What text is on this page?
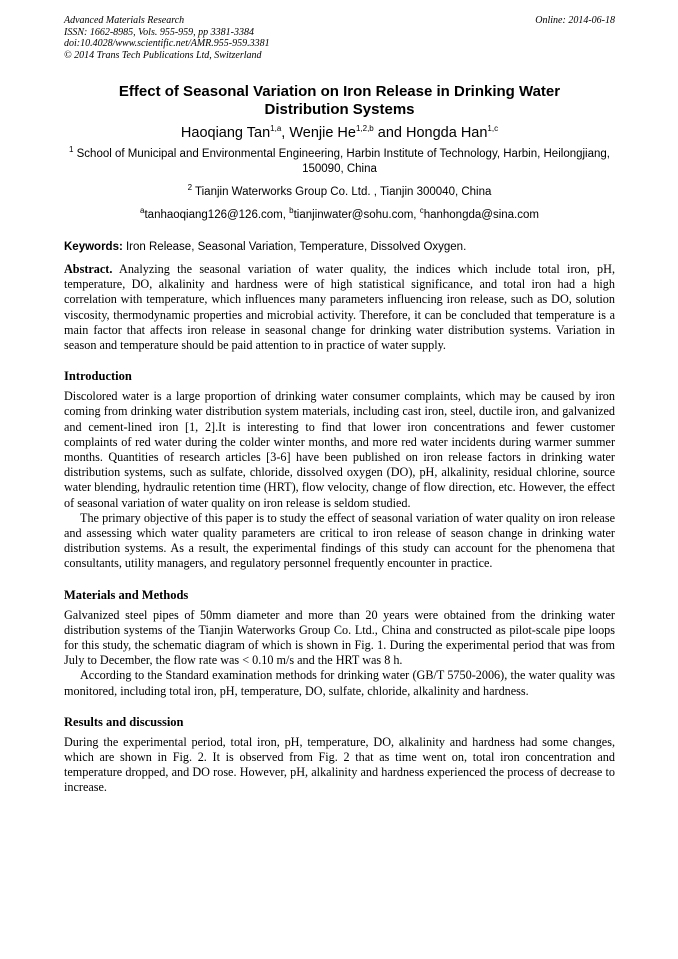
Advanced Materials Research
ISSN: 1662-8985, Vols. 955-959, pp 3381-3384
doi:10.4028/www.scientific.net/AMR.955-959.3381
© 2014 Trans Tech Publications Ltd, Switzerland
Online: 2014-06-18
Effect of Seasonal Variation on Iron Release in Drinking Water Distribution Systems
Haoqiang Tan$^{1,a}$, Wenjie He$^{1,2,b}$ and Hongda Han$^{1,c}$
$^1$ School of Municipal and Environmental Engineering, Harbin Institute of Technology, Harbin, Heilongjiang, 150090, China
$^2$ Tianjin Waterworks Group Co. Ltd. , Tianjin 300040, China
$^a$tanhaoqiang126@126.com, $^b$tianjinwater@sohu.com, $^c$hanhongda@sina.com
Keywords: Iron Release, Seasonal Variation, Temperature, Dissolved Oxygen.
Abstract. Analyzing the seasonal variation of water quality, the indices which include total iron, pH, temperature, DO, alkalinity and hardness were of high statistical significance, and total iron had a high correlation with temperature, which influences many parameters influencing iron release, such as DO, solution viscosity, thermodynamic properties and microbial activity. Therefore, it can be concluded that temperature is a main factor that affects iron release in seasonal change for drinking water distribution systems. Variation in season and temperature should be paid attention to in practice of water supply.
Introduction

Discolored water is a large proportion of drinking water consumer complaints, which may be caused by iron coming from drinking water distribution system materials, including cast iron, steel, ductile iron, and galvanized and cement-lined iron [1, 2].It is interesting to find that lower iron concentrations and fewer customer complaints of red water during the colder winter months, and more red water incidents during warmer summer months. Quantities of research articles [3-6] have been published on iron release factors in drinking water distribution systems, such as sulfate, chloride, dissolved oxygen (DO), pH, alkalinity, residual chlorine, source water blending, hydraulic retention time (HRT), flow velocity, change of flow direction, etc. However, the effect of seasonal variation of water quality on iron release is seldom studied.

The primary objective of this paper is to study the effect of seasonal variation of water quality on iron release and assessing which water quality parameters are critical to iron release of season change in drinking water distribution systems. As a result, the experimental findings of this study can account for the phenomena that consultants, utility managers, and regulatory personnel frequently encounter in practice.

Materials and Methods

Galvanized steel pipes of 50mm diameter and more than 20 years were obtained from the drinking water distribution systems of the Tianjin Waterworks Group Co. Ltd., China and constructed as pilot-scale pipe loops for this study, the schematic diagram of which is shown in Fig. 1. During the experimental period that was from July to December, the flow rate was < 0.10 m/s and the HRT was 8 h.

According to the Standard examination methods for drinking water (GB/T 5750-2006), the water quality was monitored, including total iron, pH, temperature, DO, sulfate, chloride, alkalinity and hardness.

Results and discussion

During the experimental period, total iron, pH, temperature, DO, alkalinity and hardness had some changes, which are shown in Fig. 2. It is observed from Fig. 2 that as time went on, total iron concentration and temperature dropped, and DO rose. However, pH, alkalinity and hardness experienced the process of decrease to increase.
